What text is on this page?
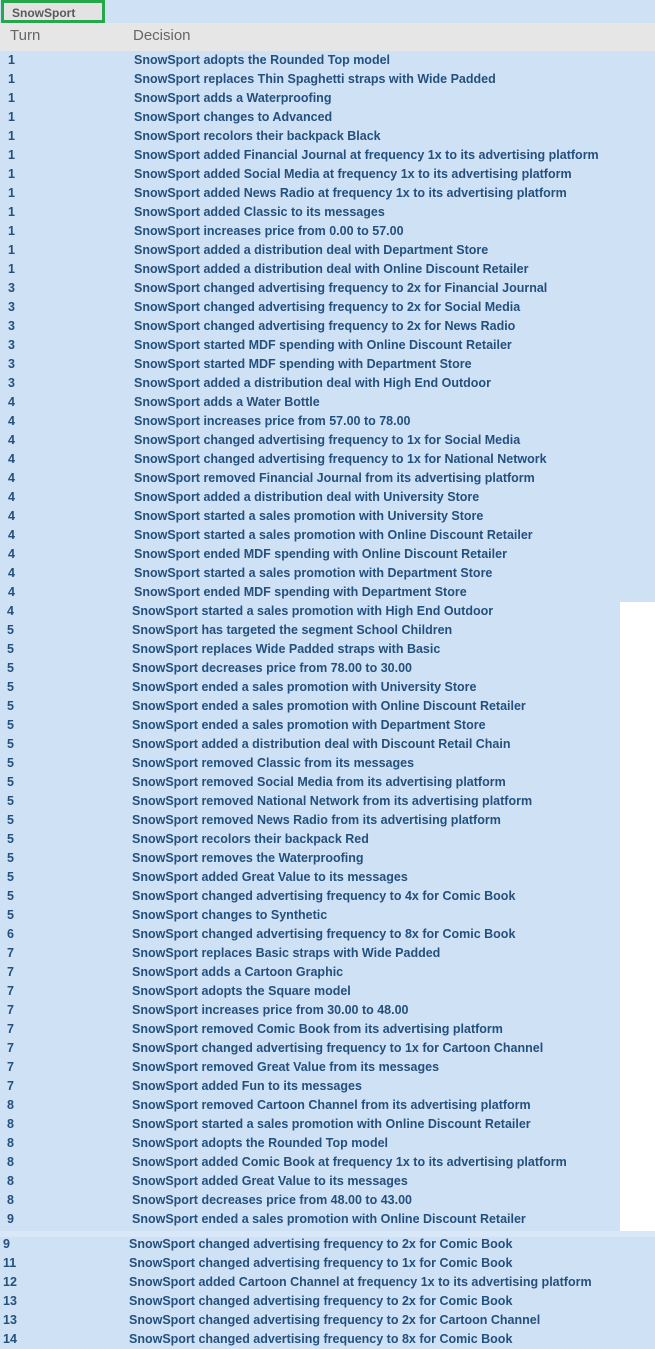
SnowSport
Turn	Decision
1	SnowSport adopts the Rounded Top model
1	SnowSport replaces Thin Spaghetti straps with Wide Padded
1	SnowSport adds a Waterproofing
1	SnowSport changes to Advanced
1	SnowSport recolors their backpack Black
1	SnowSport added Financial Journal at frequency 1x to its advertising platform
1	SnowSport added Social Media at frequency 1x to its advertising platform
1	SnowSport added News Radio at frequency 1x to its advertising platform
1	SnowSport added Classic to its messages
1	SnowSport increases price from 0.00 to 57.00
1	SnowSport added a distribution deal with Department Store
1	SnowSport added a distribution deal with Online Discount Retailer
3	SnowSport changed advertising frequency to 2x for Financial Journal
3	SnowSport changed advertising frequency to 2x for Social Media
3	SnowSport changed advertising frequency to 2x for News Radio
3	SnowSport started MDF spending with Online Discount Retailer
3	SnowSport started MDF spending with Department Store
3	SnowSport added a distribution deal with High End Outdoor
4	SnowSport adds a Water Bottle
4	SnowSport increases price from 57.00 to 78.00
4	SnowSport changed advertising frequency to 1x for Social Media
4	SnowSport changed advertising frequency to 1x for National Network
4	SnowSport removed Financial Journal from its advertising platform
4	SnowSport added a distribution deal with University Store
4	SnowSport started a sales promotion with University Store
4	SnowSport started a sales promotion with Online Discount Retailer
4	SnowSport ended MDF spending with Online Discount Retailer
4	SnowSport started a sales promotion with Department Store
4	SnowSport ended MDF spending with Department Store
4	SnowSport started a sales promotion with High End Outdoor
5	SnowSport has targeted the segment School Children
5	SnowSport replaces Wide Padded straps with Basic
5	SnowSport decreases price from 78.00 to 30.00
5	SnowSport ended a sales promotion with University Store
5	SnowSport ended a sales promotion with Online Discount Retailer
5	SnowSport ended a sales promotion with Department Store
5	SnowSport added a distribution deal with Discount Retail Chain
5	SnowSport removed Classic from its messages
5	SnowSport removed Social Media from its advertising platform
5	SnowSport removed National Network from its advertising platform
5	SnowSport removed News Radio from its advertising platform
5	SnowSport recolors their backpack Red
5	SnowSport removes the Waterproofing
5	SnowSport added Great Value to its messages
5	SnowSport changed advertising frequency to 4x for Comic Book
5	SnowSport changes to Synthetic
6	SnowSport changed advertising frequency to 8x for Comic Book
7	SnowSport replaces Basic straps with Wide Padded
7	SnowSport adds a Cartoon Graphic
7	SnowSport adopts the Square model
7	SnowSport increases price from 30.00 to 48.00
7	SnowSport removed Comic Book from its advertising platform
7	SnowSport changed advertising frequency to 1x for Cartoon Channel
7	SnowSport removed Great Value from its messages
7	SnowSport added Fun to its messages
8	SnowSport removed Cartoon Channel from its advertising platform
8	SnowSport started a sales promotion with Online Discount Retailer
8	SnowSport adopts the Rounded Top model
8	SnowSport added Comic Book at frequency 1x to its advertising platform
8	SnowSport added Great Value to its messages
8	SnowSport decreases price from 48.00 to 43.00
9	SnowSport ended a sales promotion with Online Discount Retailer
9	SnowSport changed advertising frequency to 2x for Comic Book
11	SnowSport changed advertising frequency to 1x for Comic Book
12	SnowSport added Cartoon Channel at frequency 1x to its advertising platform
13	SnowSport changed advertising frequency to 2x for Comic Book
13	SnowSport changed advertising frequency to 2x for Cartoon Channel
14	SnowSport changed advertising frequency to 8x for Comic Book
